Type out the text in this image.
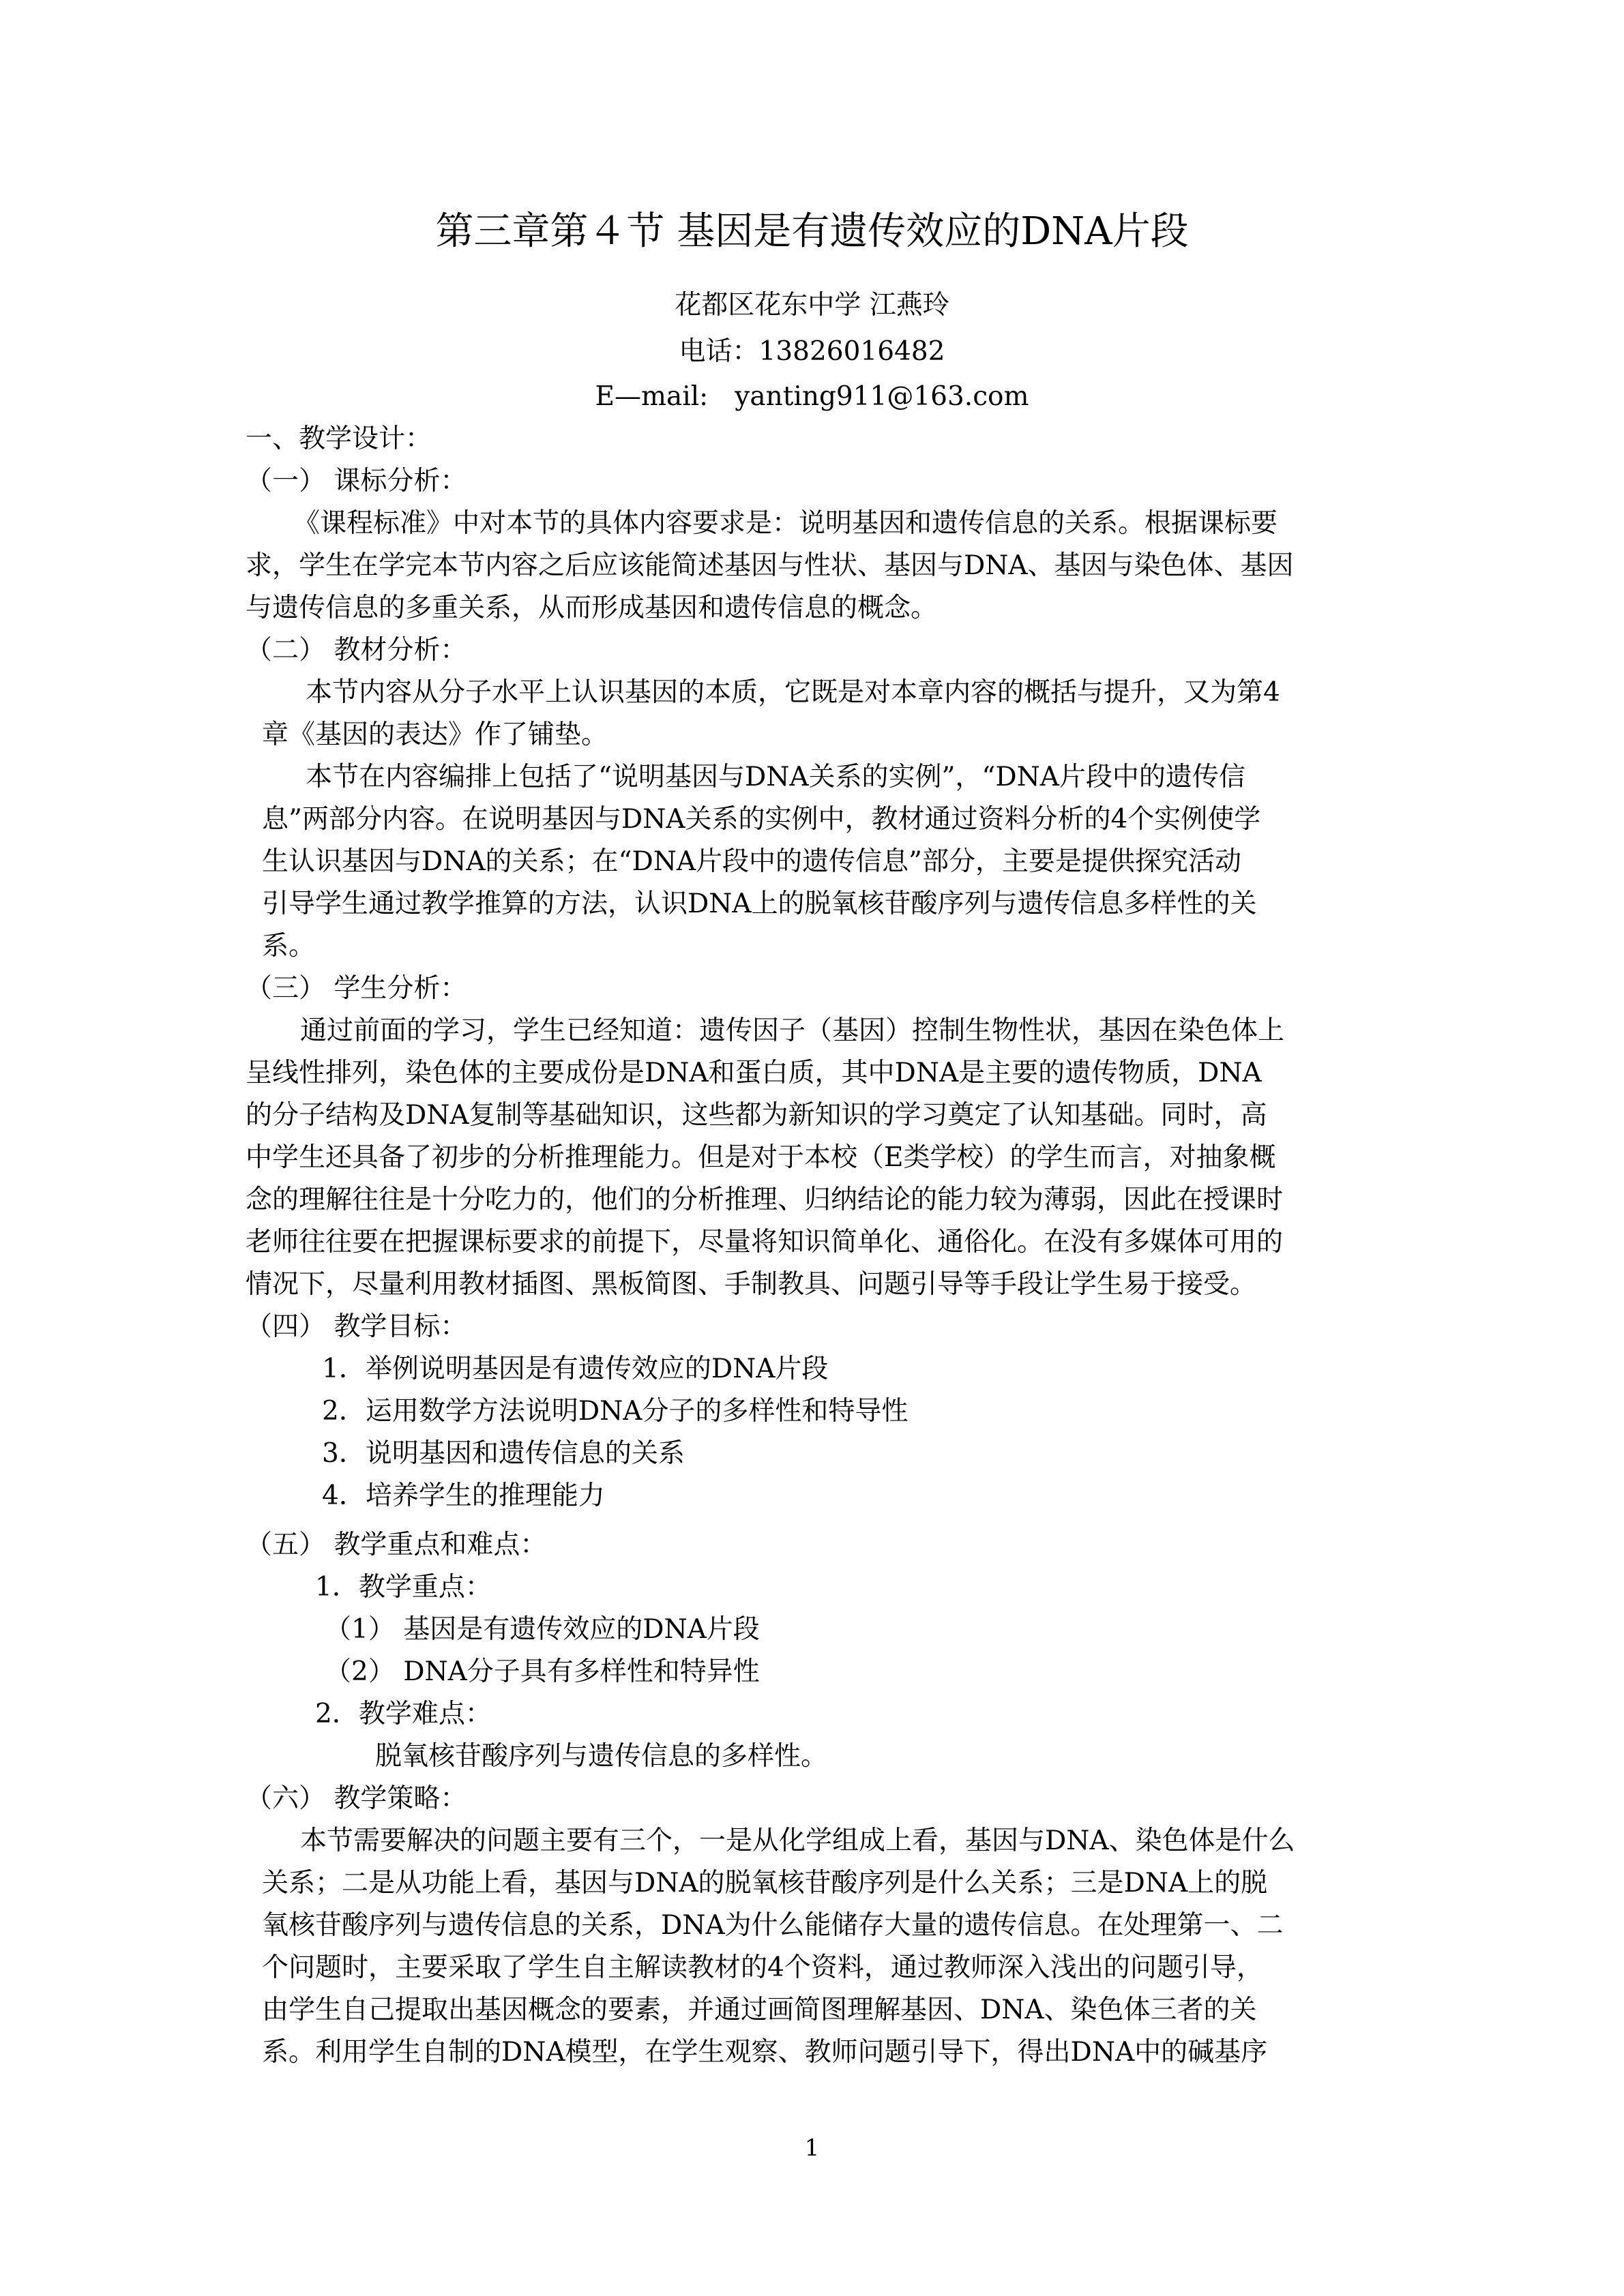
第三章第４节 基因是有遗传效应的DNA片段
花都区花东中学 江燕玲
电话：13826016482
E—mail:　yanting911@163.com
一、教学设计：
（一） 课标分析：
《课程标准》中对本节的具体内容要求是：说明基因和遗传信息的关系。根据课标要
求，学生在学完本节内容之后应该能简述基因与性状、基因与DNA、基因与染色体、基因
与遗传信息的多重关系，从而形成基因和遗传信息的概念。
（二） 教材分析：
本节内容从分子水平上认识基因的本质，它既是对本章内容的概括与提升，又为第4
章《基因的表达》作了铺垫。
本节在内容编排上包括了“说明基因与DNA关系的实例”，“DNA片段中的遗传信
息”两部分内容。在说明基因与DNA关系的实例中，教材通过资料分析的4个实例使学
生认识基因与DNA的关系；在“DNA片段中的遗传信息”部分，主要是提供探究活动
引导学生通过教学推算的方法，认识DNA上的脱氧核苷酸序列与遗传信息多样性的关
系。
（三） 学生分析：
通过前面的学习，学生已经知道：遗传因子（基因）控制生物性状，基因在染色体上
呈线性排列，染色体的主要成份是DNA和蛋白质，其中DNA是主要的遗传物质，DNA
的分子结构及DNA复制等基础知识，这些都为新知识的学习奠定了认知基础。同时，高
中学生还具备了初步的分析推理能力。但是对于本校（E类学校）的学生而言，对抽象概
念的理解往往是十分吃力的，他们的分析推理、归纳结论的能力较为薄弱，因此在授课时
老师往往要在把握课标要求的前提下，尽量将知识简单化、通俗化。在没有多媒体可用的
情况下，尽量利用教材插图、黑板简图、手制教具、问题引导等手段让学生易于接受。
（四） 教学目标：
1．举例说明基因是有遗传效应的DNA片段
2．运用数学方法说明DNA分子的多样性和特导性
3．说明基因和遗传信息的关系
4．培养学生的推理能力
（五） 教学重点和难点：
1．教学重点：
（1） 基因是有遗传效应的DNA片段
（2） DNA分子具有多样性和特异性
2．教学难点：
脱氧核苷酸序列与遗传信息的多样性。
（六） 教学策略：
本节需要解决的问题主要有三个，一是从化学组成上看，基因与DNA、染色体是什么
关系；二是从功能上看，基因与DNA的脱氧核苷酸序列是什么关系；三是DNA上的脱
氧核苷酸序列与遗传信息的关系，DNA为什么能储存大量的遗传信息。在处理第一、二
个问题时，主要采取了学生自主解读教材的4个资料，通过教师深入浅出的问题引导，
由学生自己提取出基因概念的要素，并通过画简图理解基因、DNA、染色体三者的关
系。利用学生自制的DNA模型，在学生观察、教师问题引导下，得出DNA中的碱基序
1
